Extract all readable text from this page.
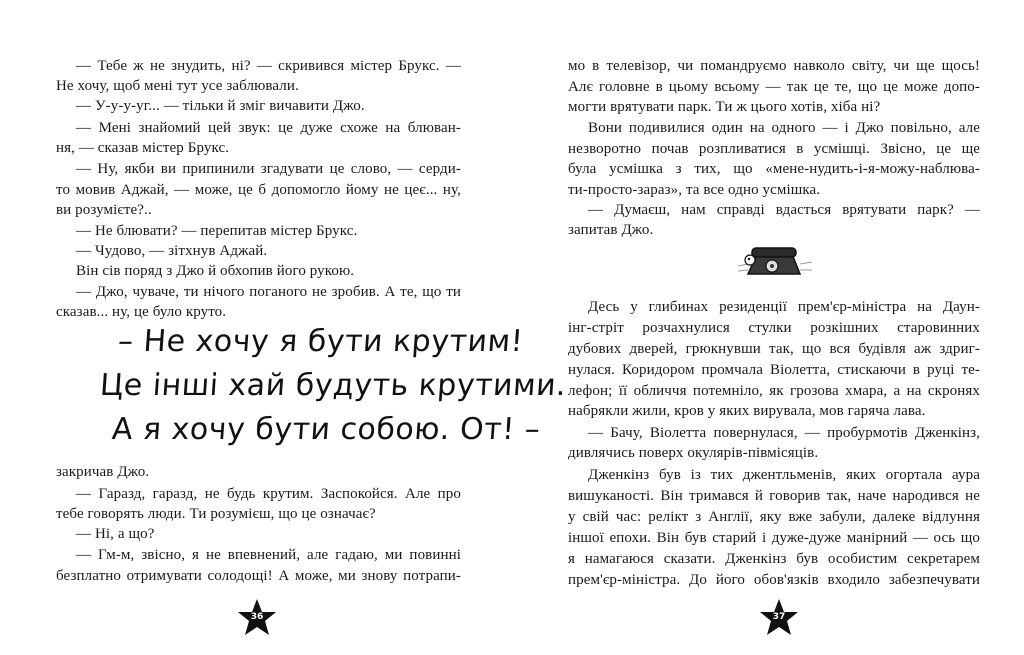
— Тебе ж не знудить, ні? — скривився містер Брукс. —

Не хочу, щоб мені тут усе заблювали.

— У-у-у-уг... — тільки й зміг вичавити Джо.

— Мені знайомий цей звук: це дуже схоже на блюван-

ня, — сказав містер Брукс.

— Ну, якби ви припинили згадувати це слово, — серди-

то мовив Аджай, — може, це б допомогло йому не цеє... ну,

ви розумієте?..

— Не блювати? — перепитав містер Брукс.

— Чудово, — зітхнув Аджай.

Він сів поряд з Джо й обхопив його рукою.

— Джо, чуваче, ти нічого поганого не зробив. А те, що ти

сказав... ну, це було круто.

– Не хочу я бути крутим!

Це інші хай будуть крутими.

А я хочу бути собою. От! –

закричав Джо.

— Гаразд, гаразд, не будь крутим. Заспокойся. Але про

тебе говорять люди. Ти розумієш, що це означає?

— Ні, а що?

— Гм-м, звісно, я не впевнений, але гадаю, ми повинні

безплатно отримувати солодощі! А може, ми знову потрапи-

36

мо в телевізор, чи помандруємо навколо світу, чи ще щось!

Алє головне в цьому всьому — так це те, що це може допо-

могти врятувати парк. Ти ж цього хотів, хіба ні?

Вони подивилися один на одного — і Джо повільно, але

незворотно почав розпливатися в усмішці. Звісно, це ще

була усмішка з тих, що «мене-нудить-і-я-можу-наблюва-

ти-просто-зараз», та все одно усмішка.

— Думаєш, нам справді вдасться врятувати парк? —

запитав Джо.

Десь у глибинах резиденції прем'єр-міністра на Даун-

інг-стріт розчахнулися стулки розкішних старовинних

дубових дверей, грюкнувши так, що вся будівля аж здриг-

нулася. Коридором промчала Віолетта, стискаючи в руці те-

лефон; її обличчя потемніло, як грозова хмара, а на скронях

набрякли жили, кров у яких вирувала, мов гаряча лава.

— Бачу, Віолетта повернулася, — пробурмотів Дженкінз,

дивлячись поверх окулярів-півмісяців.

Дженкінз був із тих джентльменів, яких огортала аура

вишуканості. Він тримався й говорив так, наче народився не

у свій час: релікт з Англії, яку вже забули, далеке відлуння

іншої епохи. Він був старий і дуже-дуже манірний — ось що

я намагаюся сказати. Дженкінз був особистим секретарем

прем'єр-міністра. До його обов'язків входило забезпечувати

37
